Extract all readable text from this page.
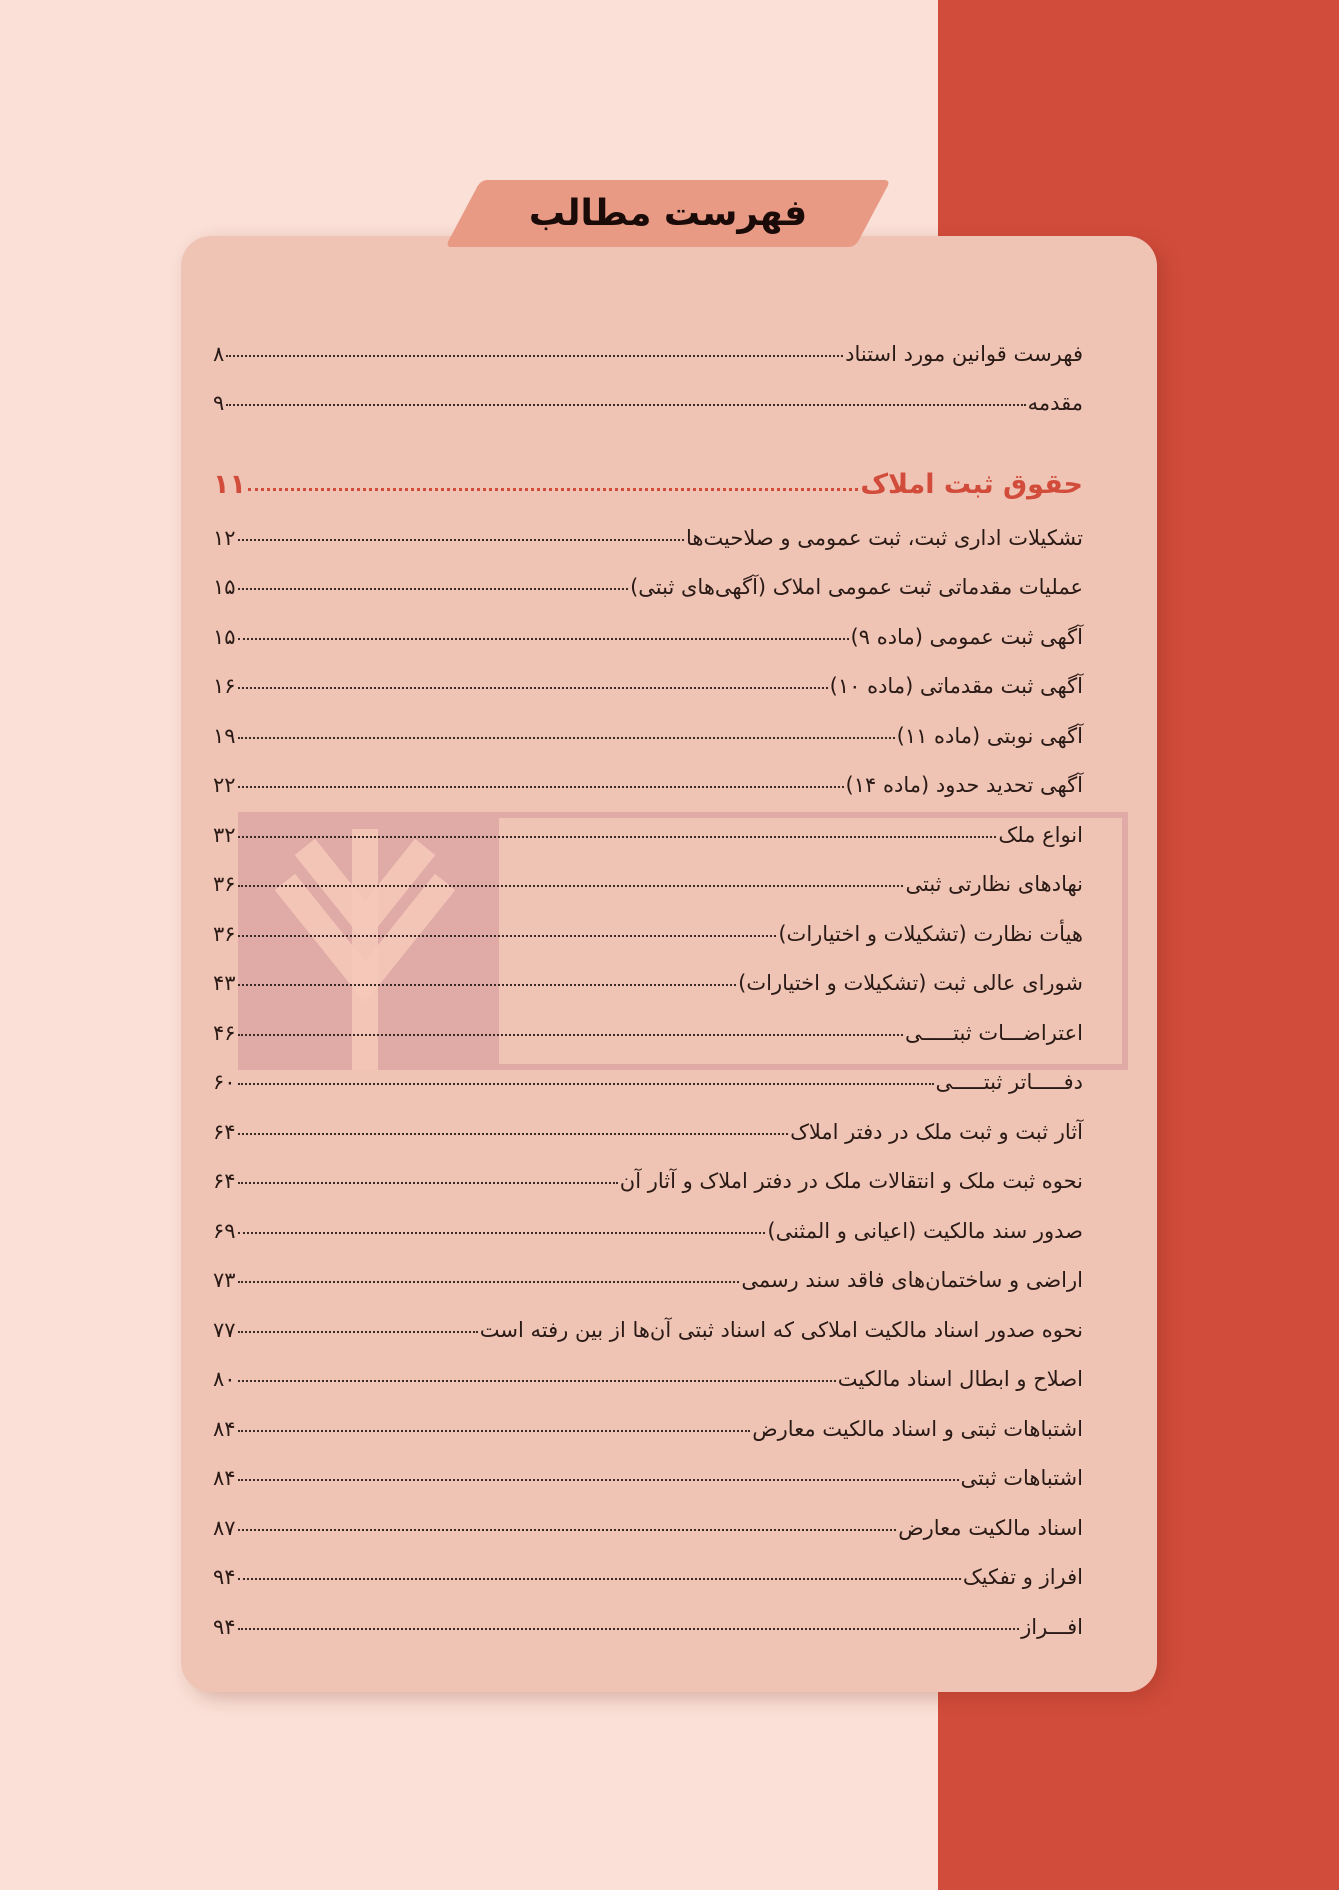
فهرست مطالب
فهرست قوانین مورد استناد
۸
مقدمه
۹
حقوق ثبت املاک
۱۱
تشکیلات اداری ثبت، ثبت عمومی و صلاحیت‌ها
۱۲
عملیات مقدماتی ثبت عمومی املاک (آگهی‌های ثبتی)
۱۵
آگهی ثبت عمومی (ماده ۹)
۱۵
آگهی ثبت مقدماتی (ماده ۱۰)
۱۶
آگهی نوبتی (ماده ۱۱)
۱۹
آگهی تحدید حدود (ماده ۱۴)
۲۲
انواع ملک
۳۲
نهادهای نظارتی ثبتی
۳۶
هیأت نظارت (تشکیلات و اختیارات)
۳۶
شورای عالی ثبت (تشکیلات و اختیارات)
۴۳
اعتراضـــات ثبتـــــی
۴۶
دفـــــاتر ثبتـــــی
۶۰
آثار ثبت و ثبت ملک در دفتر املاک
۶۴
نحوه ثبت ملک و انتقالات ملک در دفتر املاک و آثار آن
۶۴
صدور سند مالکیت (اعیانی و المثنی)
۶۹
اراضی و ساختمان‌های فاقد سند رسمی
۷۳
نحوه صدور اسناد مالکیت املاکی که اسناد ثبتی آن‌ها از بین رفته است
۷۷
اصلاح و ابطال اسناد مالکیت
۸۰
اشتباهات ثبتی و اسناد مالکیت معارض
۸۴
اشتباهات ثبتی
۸۴
اسناد مالکیت معارض
۸۷
افراز و تفکیک
۹۴
افـــراز
۹۴
